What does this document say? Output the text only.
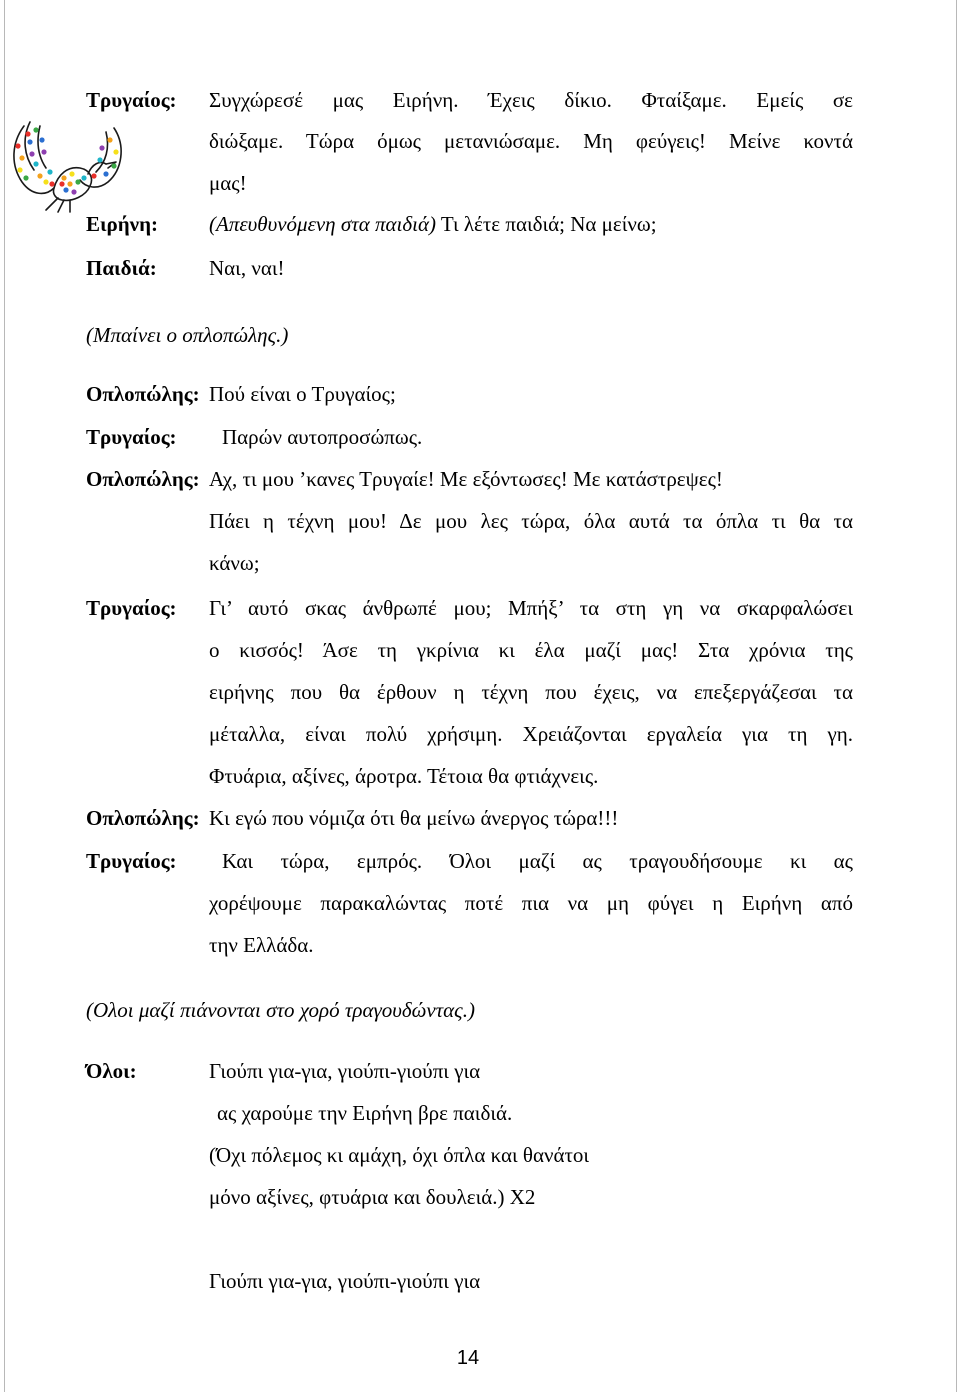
Τρυγαίος: Συγχώρεσέ μας Ειρήνη. Έχεις δίκιο. Φταίξαμε. Εμείς σε
διώξαμε. Τώρα όμως μετανιώσαμε. Μη φεύγεις! Μείνε κοντά
μας!
Ειρήνη: (Απευθυνόμενη στα παιδιά) Τι λέτε παιδιά; Να μείνω;
Παιδιά: Ναι, ναι!
(Μπαίνει ο οπλοπώλης.)
Οπλοπώλης: Πού είναι ο Τρυγαίος;
Τρυγαίος: Παρών αυτοπροσώπως.
Οπλοπώλης: Αχ, τι μου ’κανες Τρυγαίε! Με εξόντωσες! Με κατάστρεψες!
Πάει η τέχνη μου! Δε μου λες τώρα, όλα αυτά τα όπλα τι θα τα
κάνω;
Τρυγαίος: Γι’ αυτό σκας άνθρωπέ μου; Μπήξ’ τα στη γη να σκαρφαλώσει
ο κισσός! Άσε τη γκρίνια κι έλα μαζί μας! Στα χρόνια της
ειρήνης που θα έρθουν η τέχνη που έχεις, να επεξεργάζεσαι τα
μέταλλα, είναι πολύ χρήσιμη. Χρειάζονται εργαλεία για τη γη.
Φτυάρια, αξίνες, άροτρα. Τέτοια θα φτιάχνεις.
Οπλοπώλης: Κι εγώ που νόμιζα ότι θα μείνω άνεργος τώρα!!!
Τρυγαίος: Και τώρα, εμπρός. Όλοι μαζί ας τραγουδήσουμε κι ας
χορέψουμε παρακαλώντας ποτέ πια να μη φύγει η Ειρήνη από
την Ελλάδα.
(Ολοι μαζί πιάνονται στο χορό τραγουδώντας.)
Όλοι:	Γιούπι για-για, γιούπι-γιούπι για
ας χαρούμε την Ειρήνη βρε παιδιά.
(Όχι πόλεμος κι αμάχη, όχι όπλα και θανάτοι
μόνο αξίνες, φτυάρια και δουλειά.) Χ2
Γιούπι για-για, γιούπι-γιούπι για
14
